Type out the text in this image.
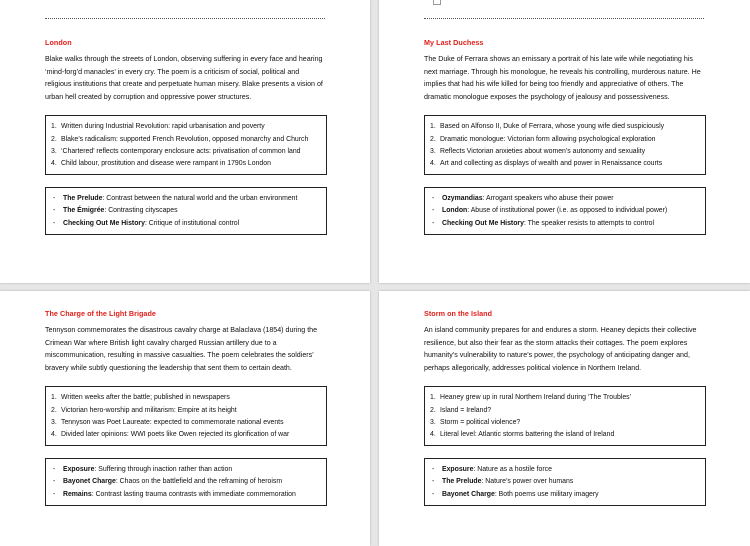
London

Blake walks through the streets of London, observing suffering in every face and hearing ‘mind-forg’d manacles’ in every cry. The poem is a criticism of social, political and religious institutions that create and perpetuate human misery. Blake presents a vision of urban hell created by corruption and oppressive power structures.

1. Written during Industrial Revolution: rapid urbanisation and poverty
2. Blake’s radicalism: supported French Revolution, opposed monarchy and Church
3. ‘Chartered’ reflects contemporary enclosure acts: privatisation of common land
4. Child labour, prostitution and disease were rampant in 1790s London
-	The Prelude: Contrast between the natural world and the urban environment
-	The Émigrée: Contrasting cityscapes
-	Checking Out Me History: Critique of institutional control
My Last Duchess

The Duke of Ferrara shows an emissary a portrait of his late wife while negotiating his next marriage. Through his monologue, he reveals his controlling, murderous nature. He implies that had his wife killed for being too friendly and appreciative of others. The dramatic monologue exposes the psychology of jealousy and possessiveness.

1. Based on Alfonso II, Duke of Ferrara, whose young wife died suspiciously
2. Dramatic monologue: Victorian form allowing psychological exploration
3. Reflects Victorian anxieties about women’s autonomy and sexuality
4. Art and collecting as displays of wealth and power in Renaissance courts
-	Ozymandias: Arrogant speakers who abuse their power
-	London: Abuse of institutional power (i.e. as opposed to individual power)
-	Checking Out Me History: The speaker resists to attempts to control
The Charge of the Light Brigade

Tennyson commemorates the disastrous cavalry charge at Balaclava (1854) during the Crimean War where British light cavalry charged Russian artillery due to a miscommunication, resulting in massive casualties. The poem celebrates the soldiers’ bravery while subtly questioning the leadership that sent them to certain death.

1. Written weeks after the battle; published in newspapers
2. Victorian hero-worship and militarism: Empire at its height
3. Tennyson was Poet Laureate: expected to commemorate national events
4. Divided later opinions: WWI poets like Owen rejected its glorification of war
-	Exposure: Suffering through inaction rather than action
-	Bayonet Charge: Chaos on the battlefield and the reframing of heroism
-	Remains: Contrast lasting trauma contrasts with immediate commemoration
Storm on the Island

An island community prepares for and endures a storm. Heaney depicts their collective resilience, but also their fear as the storm attacks their cottages. The poem explores humanity’s vulnerability to nature’s power, the psychology of anticipating danger and, perhaps allegorically, addresses political violence in Northern Ireland.

1. Heaney grew up in rural Northern Ireland during ‘The Troubles’
2. Island = Ireland?
3. Storm = political violence?
4. Literal level: Atlantic storms battering the island of Ireland
-	Exposure: Nature as a hostile force
-	The Prelude: Nature’s power over humans
-	Bayonet Charge: Both poems use military imagery
